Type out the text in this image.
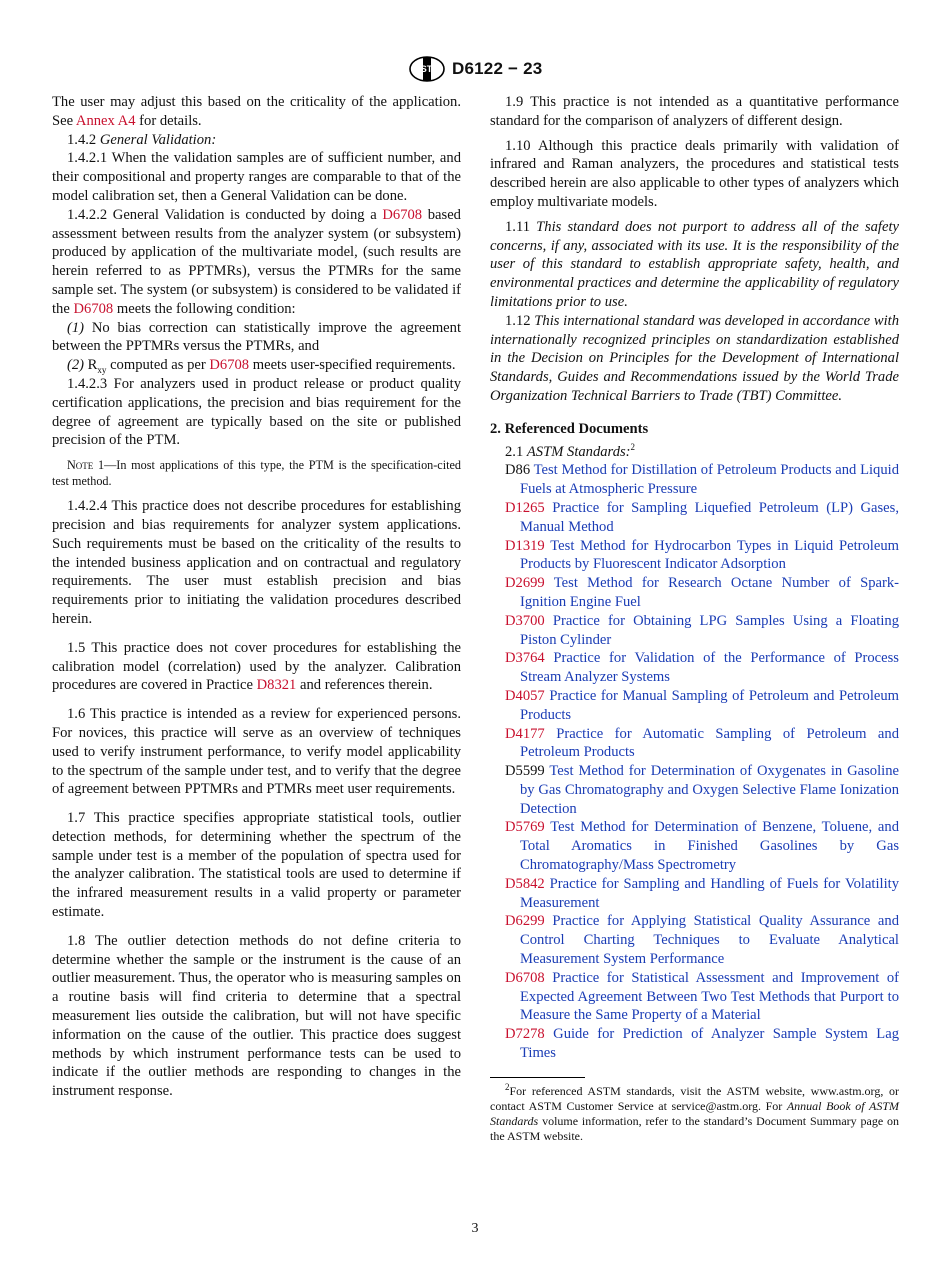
ASTM D6122 − 23

The user may adjust this based on the criticality of the application. See Annex A4 for details.

1.4.2 General Validation:

1.4.2.1 When the validation samples are of sufficient number, and their compositional and property ranges are comparable to that of the model calibration set, then a General Validation can be done.

1.4.2.2 General Validation is conducted by doing a D6708 based assessment between results from the analyzer system (or subsystem) produced by application of the multivariate model, (such results are herein referred to as PPTMRs), versus the PTMRs for the same sample set. The system (or subsystem) is considered to be validated if the D6708 meets the following condition:

(1) No bias correction can statistically improve the agreement between the PPTMRs versus the PTMRs, and

(2) $R_{xy}$ computed as per D6708 meets user-specified requirements.

1.4.2.3 For analyzers used in product release or product quality certification applications, the precision and bias requirement for the degree of agreement are typically based on the site or published precision of the PTM.

Note 1—In most applications of this type, the PTM is the specification-cited test method.

1.4.2.4 This practice does not describe procedures for establishing precision and bias requirements for analyzer system applications. Such requirements must be based on the criticality of the results to the intended business application and on contractual and regulatory requirements. The user must establish precision and bias requirements prior to initiating the validation procedures described herein.

1.5 This practice does not cover procedures for establishing the calibration model (correlation) used by the analyzer. Calibration procedures are covered in Practice D8321 and references therein.

1.6 This practice is intended as a review for experienced persons. For novices, this practice will serve as an overview of techniques used to verify instrument performance, to verify model applicability to the spectrum of the sample under test, and to verify that the degree of agreement between PPTMRs and PTMRs meet user requirements.

1.7 This practice specifies appropriate statistical tools, outlier detection methods, for determining whether the spectrum of the sample under test is a member of the population of spectra used for the analyzer calibration. The statistical tools are used to determine if the infrared measurement results in a valid property or parameter estimate.

1.8 The outlier detection methods do not define criteria to determine whether the sample or the instrument is the cause of an outlier measurement. Thus, the operator who is measuring samples on a routine basis will find criteria to determine that a spectral measurement lies outside the calibration, but will not have specific information on the cause of the outlier. This practice does suggest methods by which instrument performance tests can be used to indicate if the outlier methods are responding to changes in the instrument response.

1.9 This practice is not intended as a quantitative performance standard for the comparison of analyzers of different design.

1.10 Although this practice deals primarily with validation of infrared and Raman analyzers, the procedures and statistical tests described herein are also applicable to other types of analyzers which employ multivariate models.

1.11 This standard does not purport to address all of the safety concerns, if any, associated with its use. It is the responsibility of the user of this standard to establish appropriate safety, health, and environmental practices and determine the applicability of regulatory limitations prior to use.

1.12 This international standard was developed in accordance with internationally recognized principles on standardization established in the Decision on Principles for the Development of International Standards, Guides and Recommendations issued by the World Trade Organization Technical Barriers to Trade (TBT) Committee.

2. Referenced Documents

2.1 ASTM Standards:$^2$

D86 Test Method for Distillation of Petroleum Products and Liquid Fuels at Atmospheric Pressure

D1265 Practice for Sampling Liquefied Petroleum (LP) Gases, Manual Method

D1319 Test Method for Hydrocarbon Types in Liquid Petroleum Products by Fluorescent Indicator Adsorption

D2699 Test Method for Research Octane Number of Spark-Ignition Engine Fuel

D3700 Practice for Obtaining LPG Samples Using a Floating Piston Cylinder

D3764 Practice for Validation of the Performance of Process Stream Analyzer Systems

D4057 Practice for Manual Sampling of Petroleum and Petroleum Products

D4177 Practice for Automatic Sampling of Petroleum and Petroleum Products

D5599 Test Method for Determination of Oxygenates in Gasoline by Gas Chromatography and Oxygen Selective Flame Ionization Detection

D5769 Test Method for Determination of Benzene, Toluene, and Total Aromatics in Finished Gasolines by Gas Chromatography/Mass Spectrometry

D5842 Practice for Sampling and Handling of Fuels for Volatility Measurement

D6299 Practice for Applying Statistical Quality Assurance and Control Charting Techniques to Evaluate Analytical Measurement System Performance

D6708 Practice for Statistical Assessment and Improvement of Expected Agreement Between Two Test Methods that Purport to Measure the Same Property of a Material

D7278 Guide for Prediction of Analyzer Sample System Lag Times

$^2$For referenced ASTM standards, visit the ASTM website, www.astm.org, or contact ASTM Customer Service at service@astm.org. For Annual Book of ASTM Standards volume information, refer to the standard’s Document Summary page on the ASTM website.

3
